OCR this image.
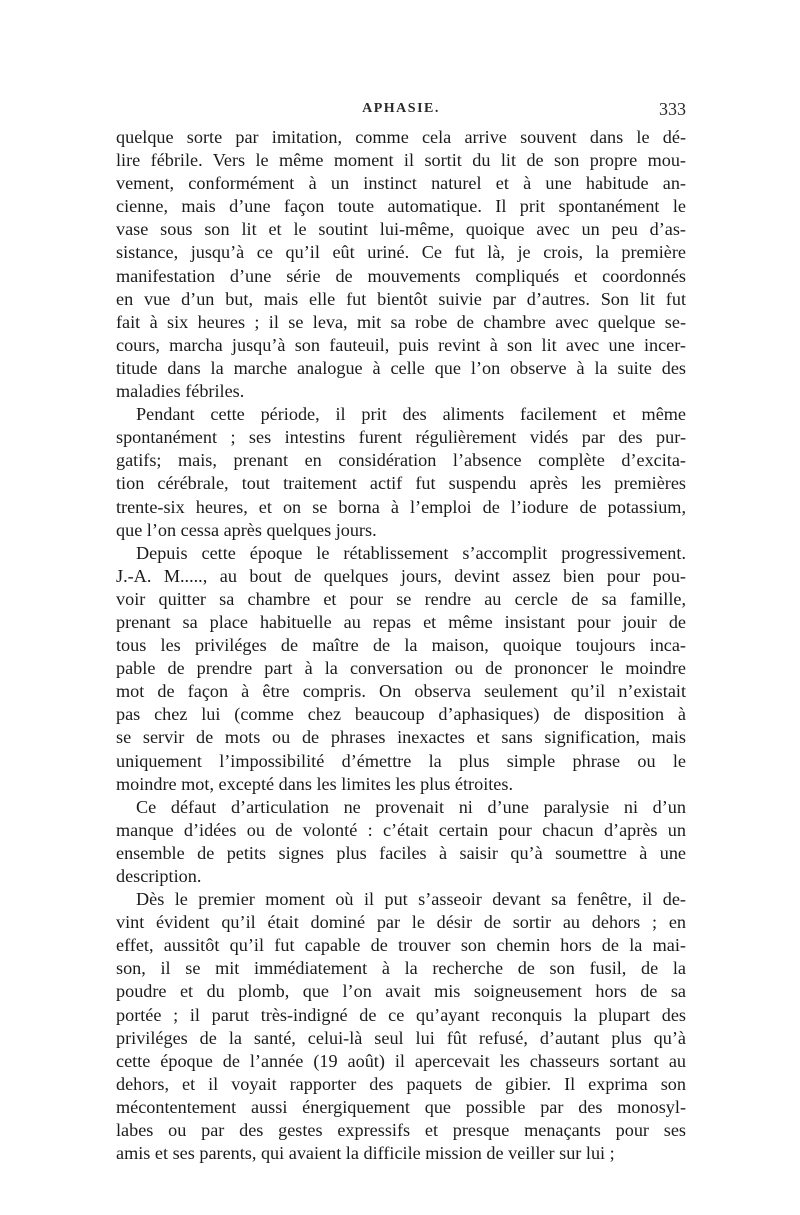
APHASIE.	333
quelque sorte par imitation, comme cela arrive souvent dans le dé-
lire fébrile. Vers le même moment il sortit du lit de son propre mou-
vement, conformément à un instinct naturel et à une habitude an-
cienne, mais d’une façon toute automatique. Il prit spontanément le
vase sous son lit et le soutint lui-même, quoique avec un peu d’as-
sistance, jusqu’à ce qu’il eût uriné. Ce fut là, je crois, la première
manifestation d’une série de mouvements compliqués et coordonnés
en vue d’un but, mais elle fut bientôt suivie par d’autres. Son lit fut
fait à six heures ; il se leva, mit sa robe de chambre avec quelque se-
cours, marcha jusqu’à son fauteuil, puis revint à son lit avec une incer-
titude dans la marche analogue à celle que l’on observe à la suite des
maladies fébriles.
Pendant cette période, il prit des aliments facilement et même
spontanément ; ses intestins furent régulièrement vidés par des pur-
gatifs; mais, prenant en considération l’absence complète d’excita-
tion cérébrale, tout traitement actif fut suspendu après les premières
trente-six heures, et on se borna à l’emploi de l’iodure de potassium,
que l’on cessa après quelques jours.
Depuis cette époque le rétablissement s’accomplit progressivement.
J.-A. M....., au bout de quelques jours, devint assez bien pour pou-
voir quitter sa chambre et pour se rendre au cercle de sa famille,
prenant sa place habituelle au repas et même insistant pour jouir de
tous les priviléges de maître de la maison, quoique toujours inca-
pable de prendre part à la conversation ou de prononcer le moindre
mot de façon à être compris. On observa seulement qu’il n’existait
pas chez lui (comme chez beaucoup d’aphasiques) de disposition à
se servir de mots ou de phrases inexactes et sans signification, mais
uniquement l’impossibilité d’émettre la plus simple phrase ou le
moindre mot, excepté dans les limites les plus étroites.
Ce défaut d’articulation ne provenait ni d’une paralysie ni d’un
manque d’idées ou de volonté : c’était certain pour chacun d’après un
ensemble de petits signes plus faciles à saisir qu’à soumettre à une
description.
Dès le premier moment où il put s’asseoir devant sa fenêtre, il de-
vint évident qu’il était dominé par le désir de sortir au dehors ; en
effet, aussitôt qu’il fut capable de trouver son chemin hors de la mai-
son, il se mit immédiatement à la recherche de son fusil, de la
poudre et du plomb, que l’on avait mis soigneusement hors de sa
portée ; il parut très-indigné de ce qu’ayant reconquis la plupart des
priviléges de la santé, celui-là seul lui fût refusé, d’autant plus qu’à
cette époque de l’année (19 août) il apercevait les chasseurs sortant au
dehors, et il voyait rapporter des paquets de gibier. Il exprima son
mécontentement aussi énergiquement que possible par des monosyl-
labes ou par des gestes expressifs et presque menaçants pour ses
amis et ses parents, qui avaient la difficile mission de veiller sur lui ;
